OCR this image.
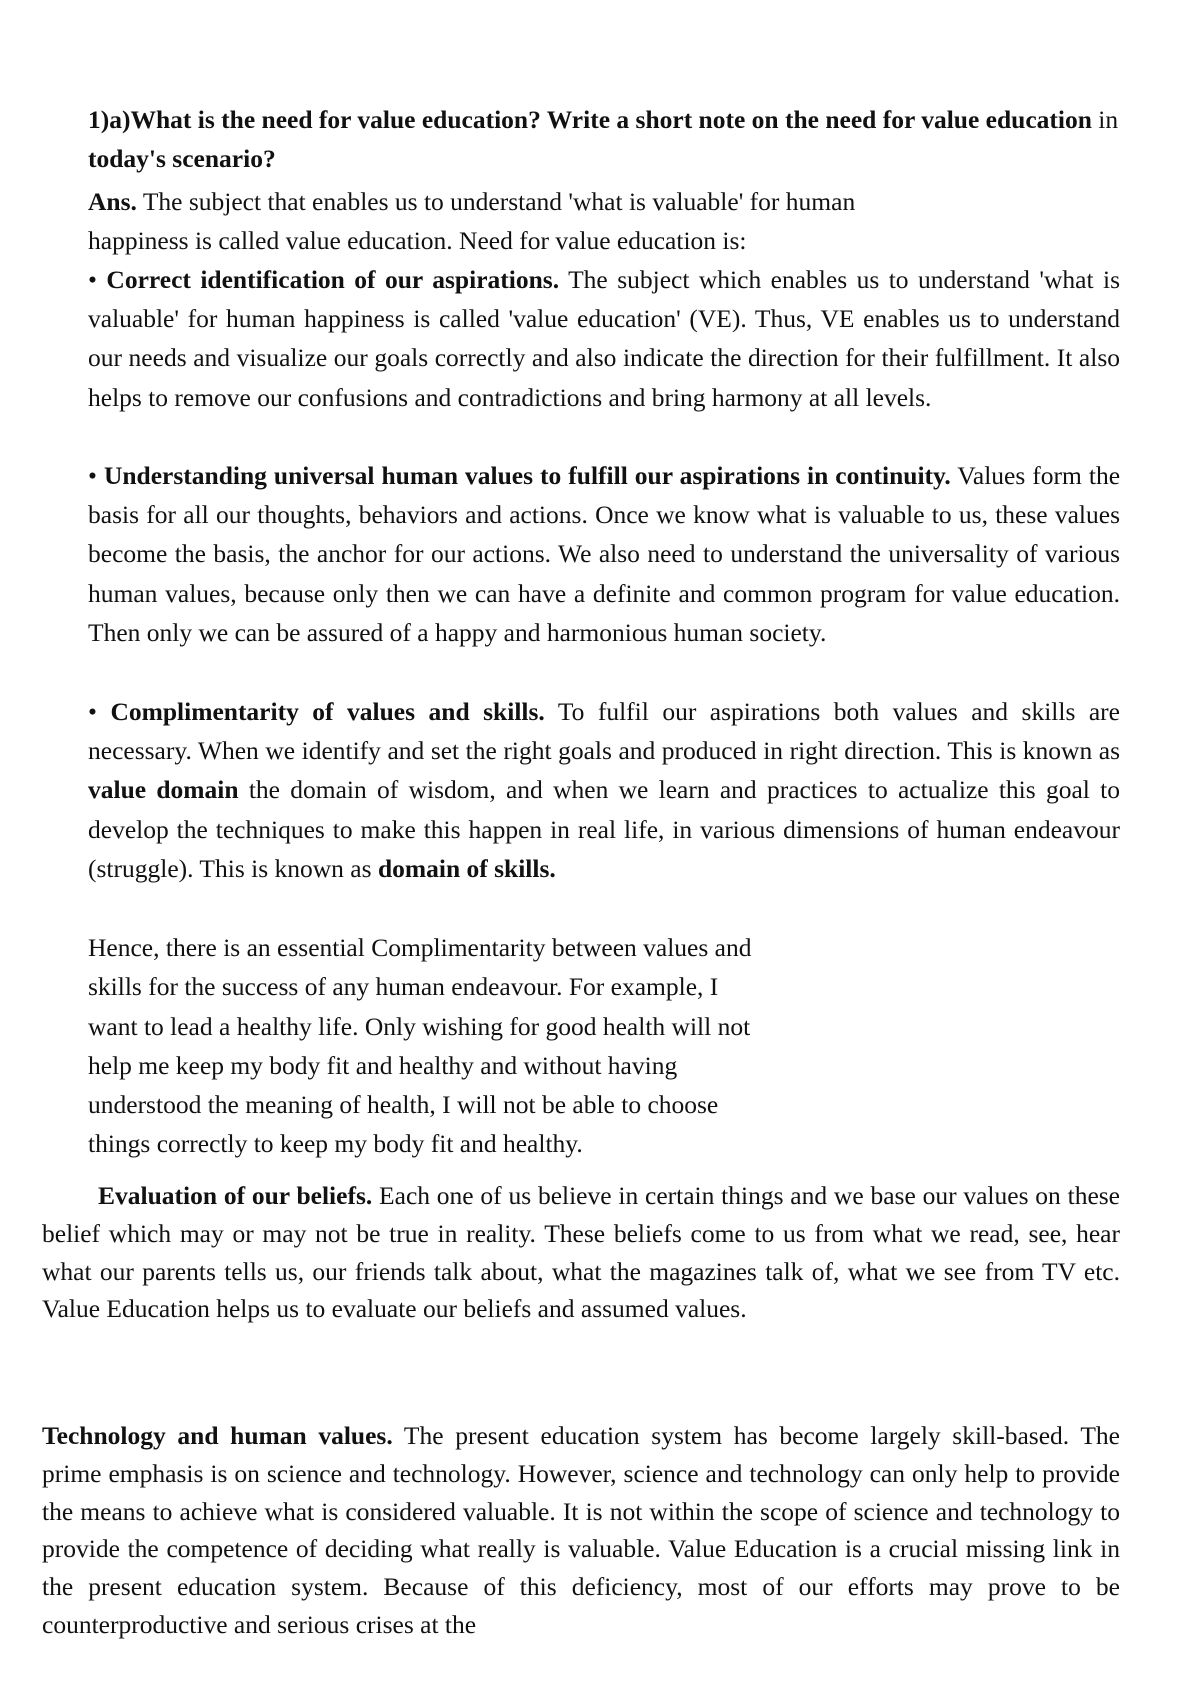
1)a)What is the need for value education? Write a short note on the need for value education in today's scenario?

Ans. The subject that enables us to understand 'what is valuable' for human
happiness is called value education. Need for value education is:

• Correct identification of our aspirations. The subject which enables us to understand 'what is valuable' for human happiness is called 'value education' (VE). Thus, VE enables us to understand our needs and visualize our goals correctly and also indicate the direction for their fulfillment. It also helps to remove our confusions and contradictions and bring harmony at all levels.

• Understanding universal human values to fulfill our aspirations in continuity. Values form the basis for all our thoughts, behaviors and actions. Once we know what is valuable to us, these values become the basis, the anchor for our actions. We also need to understand the universality of various human values, because only then we can have a definite and common program for value education. Then only we can be assured of a happy and harmonious human society.

• Complimentarity of values and skills. To fulfil our aspirations both values and skills are necessary. When we identify and set the right goals and produced in right direction. This is known as value domain the domain of wisdom, and when we learn and practices to actualize this goal to develop the techniques to make this happen in real life, in various dimensions of human endeavour (struggle). This is known as domain of skills.

Hence, there is an essential Complimentarity between values and
skills for the success of any human endeavour. For example, I
want to lead a healthy life. Only wishing for good health will not
help me keep my body fit and healthy and without having
understood the meaning of health, I will not be able to choose
things correctly to keep my body fit and healthy.

Evaluation of our beliefs. Each one of us believe in certain things and we base our values on these belief which may or may not be true in reality. These beliefs come to us from what we read, see, hear what our parents tells us, our friends talk about, what the magazines talk of, what we see from TV etc. Value Education helps us to evaluate our beliefs and assumed values.

Technology and human values. The present education system has become largely skill-based. The prime emphasis is on science and technology. However, science and technology can only help to provide the means to achieve what is considered valuable. It is not within the scope of science and technology to provide the competence of deciding what really is valuable. Value Education is a crucial missing link in the present education system. Because of this deficiency, most of our efforts may prove to be counterproductive and serious crises at the
